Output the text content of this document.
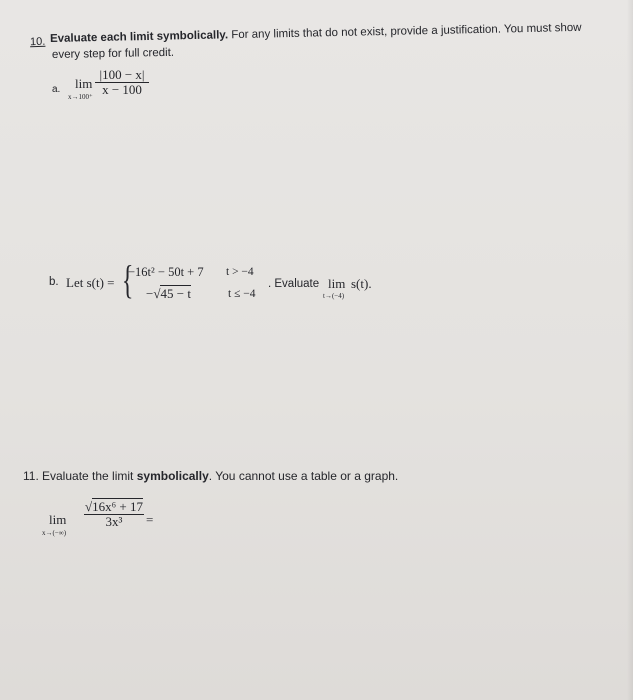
10. Evaluate each limit symbolically. For any limits that do not exist, provide a justification. You must show
every step for full credit.
a. lim
x→100⁺
|100 − x|
x − 100
b. Let s(t) = {
−16t² − 50t + 7 t > −4
−√45 − t	t ≤ −4
. Evaluate lim
t→(−4)
s(t).
11. Evaluate the limit symbolically. You cannot use a table or a graph.
lim
x→(−∞)
√16x⁶ + 17
3x³ =
